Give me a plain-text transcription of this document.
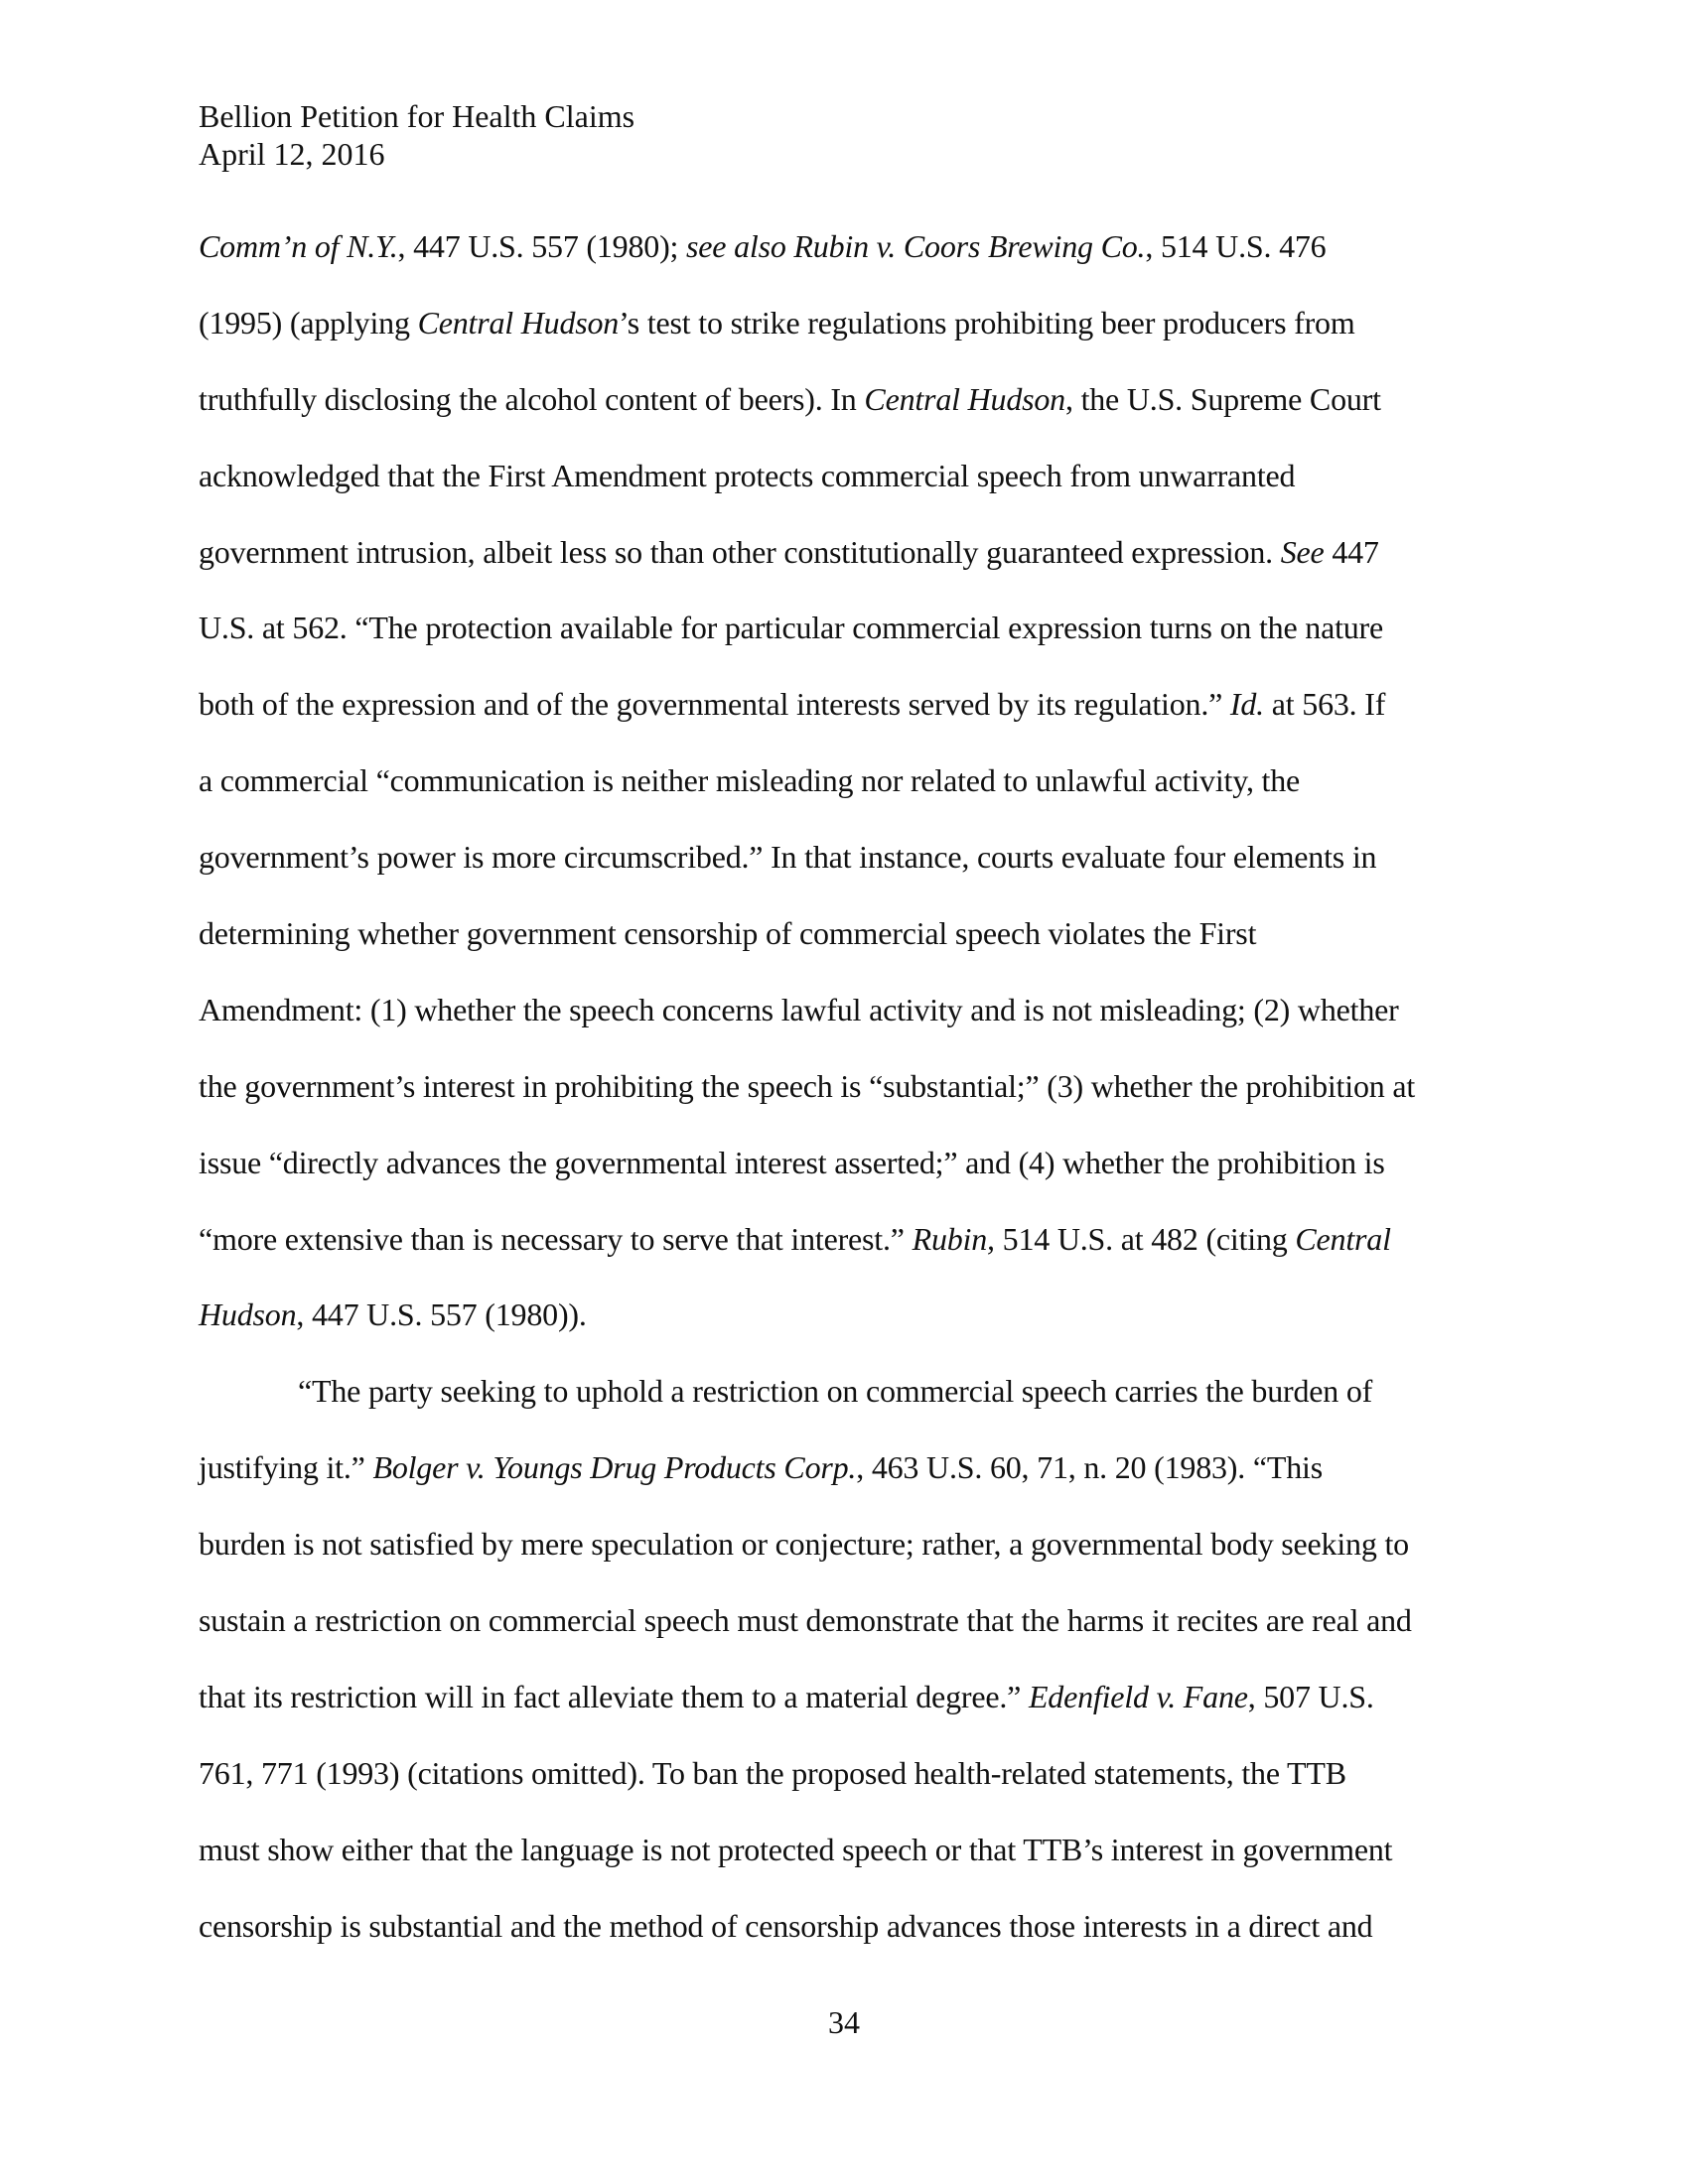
Bellion Petition for Health Claims
April 12, 2016
Comm’n of N.Y., 447 U.S. 557 (1980); see also Rubin v. Coors Brewing Co., 514 U.S. 476
(1995) (applying Central Hudson’s test to strike regulations prohibiting beer producers from
truthfully disclosing the alcohol content of beers). In Central Hudson, the U.S. Supreme Court
acknowledged that the First Amendment protects commercial speech from unwarranted
government intrusion, albeit less so than other constitutionally guaranteed expression. See 447
U.S. at 562. “The protection available for particular commercial expression turns on the nature
both of the expression and of the governmental interests served by its regulation.” Id. at 563. If
a commercial “communication is neither misleading nor related to unlawful activity, the
government’s power is more circumscribed.” In that instance, courts evaluate four elements in
determining whether government censorship of commercial speech violates the First
Amendment: (1) whether the speech concerns lawful activity and is not misleading; (2) whether
the government’s interest in prohibiting the speech is “substantial;” (3) whether the prohibition at
issue “directly advances the governmental interest asserted;” and (4) whether the prohibition is
“more extensive than is necessary to serve that interest.” Rubin, 514 U.S. at 482 (citing Central
Hudson, 447 U.S. 557 (1980)).
“The party seeking to uphold a restriction on commercial speech carries the burden of
justifying it.” Bolger v. Youngs Drug Products Corp., 463 U.S. 60, 71, n. 20 (1983). “This
burden is not satisfied by mere speculation or conjecture; rather, a governmental body seeking to
sustain a restriction on commercial speech must demonstrate that the harms it recites are real and
that its restriction will in fact alleviate them to a material degree.” Edenfield v. Fane, 507 U.S.
761, 771 (1993) (citations omitted). To ban the proposed health-related statements, the TTB
must show either that the language is not protected speech or that TTB’s interest in government
censorship is substantial and the method of censorship advances those interests in a direct and
34
